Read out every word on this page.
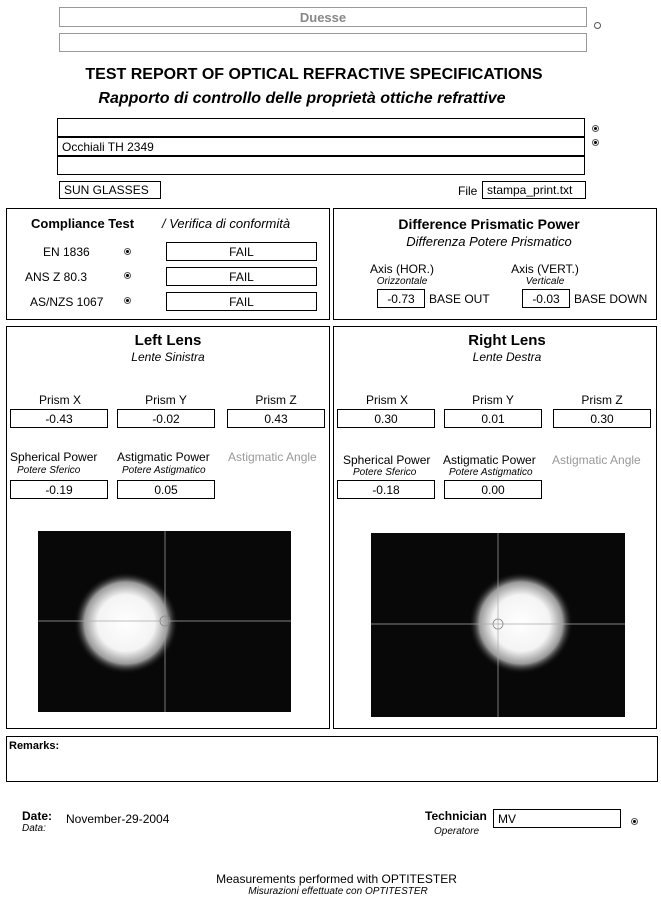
Duesse
TEST REPORT OF OPTICAL REFRACTIVE SPECIFICATIONS
Rapporto di controllo delle proprietà ottiche refrattive
Occhiali TH 2349
SUN GLASSES	File stampa_print.txt
Compliance Test / Verifica di conformità
EN 1836	FAIL
ANS Z 80.3	FAIL
AS/NZS 1067	FAIL
Difference Prismatic Power
Differenza Potere Prismatico
Axis (HOR.)
Orizzontale
-0.73 BASE OUT
Axis (VERT.)
Verticale
-0.03 BASE DOWN
Left Lens
Lente Sinistra
Prism X
-0.43
Prism Y
-0.02
Prism Z
0.43
Spherical Power
Potere Sferico
-0.19
Astigmatic Power
Potere Astigmatico
0.05
Astigmatic Angle
Right Lens
Lente Destra
Prism X
0.30
Prism Y
0.01
Prism Z
0.30
Spherical Power
Potere Sferico
-0.18
Astigmatic Power
Potere Astigmatico
0.00
Astigmatic Angle
Remarks:
Date:
Data:
November-29-2004	Technician
Operatore
MV
Measurements performed with OPTITESTER
Misurazioni effettuate con OPTITESTER
